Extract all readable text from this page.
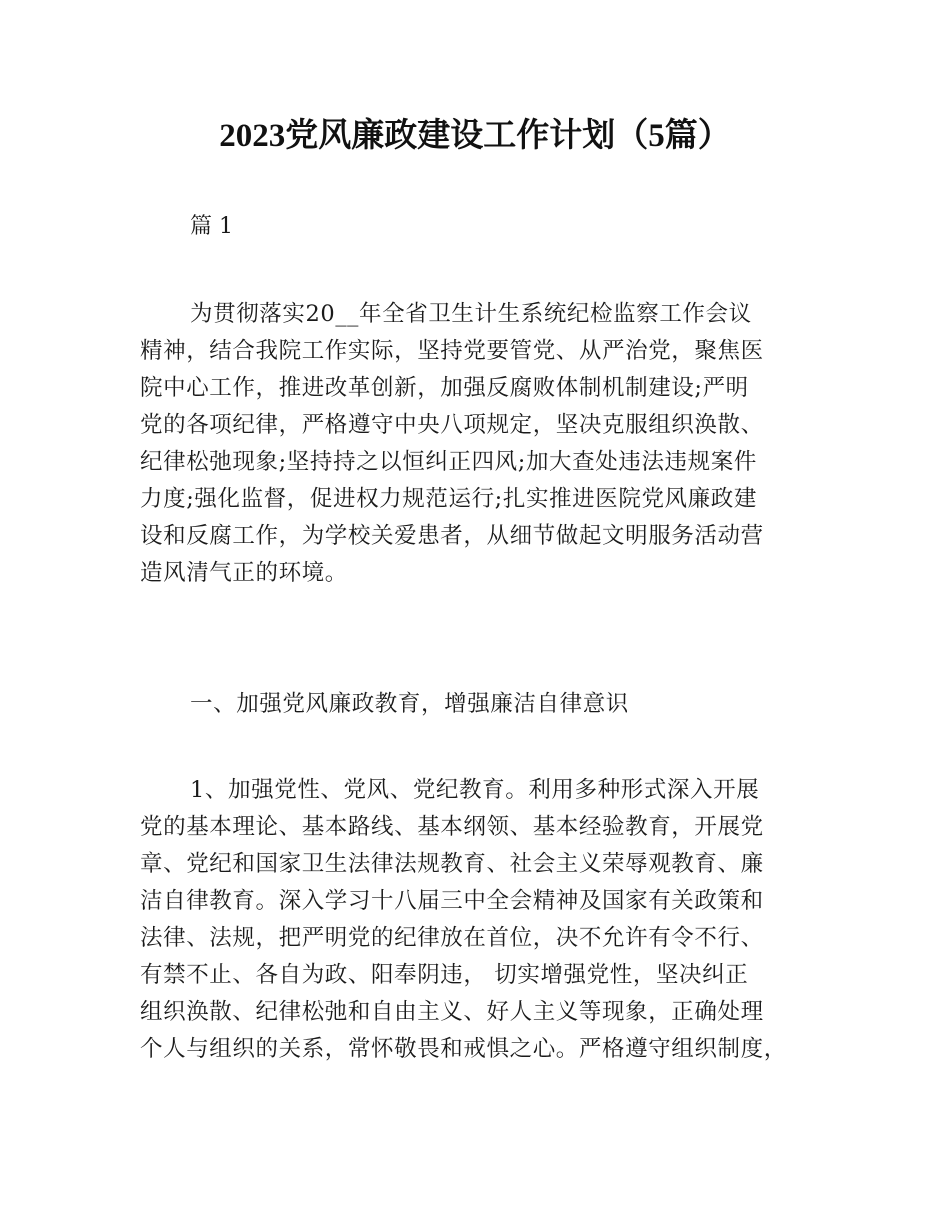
2023党风廉政建设工作计划（5篇）
篇 1
为贯彻落实20__年全省卫生计生系统纪检监察工作会议
精神，结合我院工作实际，坚持党要管党、从严治党，聚焦医
院中心工作，推进改革创新，加强反腐败体制机制建设;严明
党的各项纪律，严格遵守中央八项规定，坚决克服组织涣散、
纪律松弛现象;坚持持之以恒纠正四风;加大查处违法违规案件
力度;强化监督，促进权力规范运行;扎实推进医院党风廉政建
设和反腐工作，为学校关爱患者，从细节做起文明服务活动营
造风清气正的环境。
一、加强党风廉政教育，增强廉洁自律意识
1、加强党性、党风、党纪教育。利用多种形式深入开展
党的基本理论、基本路线、基本纲领、基本经验教育，开展党
章、党纪和国家卫生法律法规教育、社会主义荣辱观教育、廉
洁自律教育。深入学习十八届三中全会精神及国家有关政策和
法律、法规，把严明党的纪律放在首位，决不允许有令不行、
有禁不止、各自为政、阳奉阴违， 切实增强党性，坚决纠正
组织涣散、纪律松弛和自由主义、好人主义等现象，正确处理
个人与组织的关系，常怀敬畏和戒惧之心。严格遵守组织制度，
